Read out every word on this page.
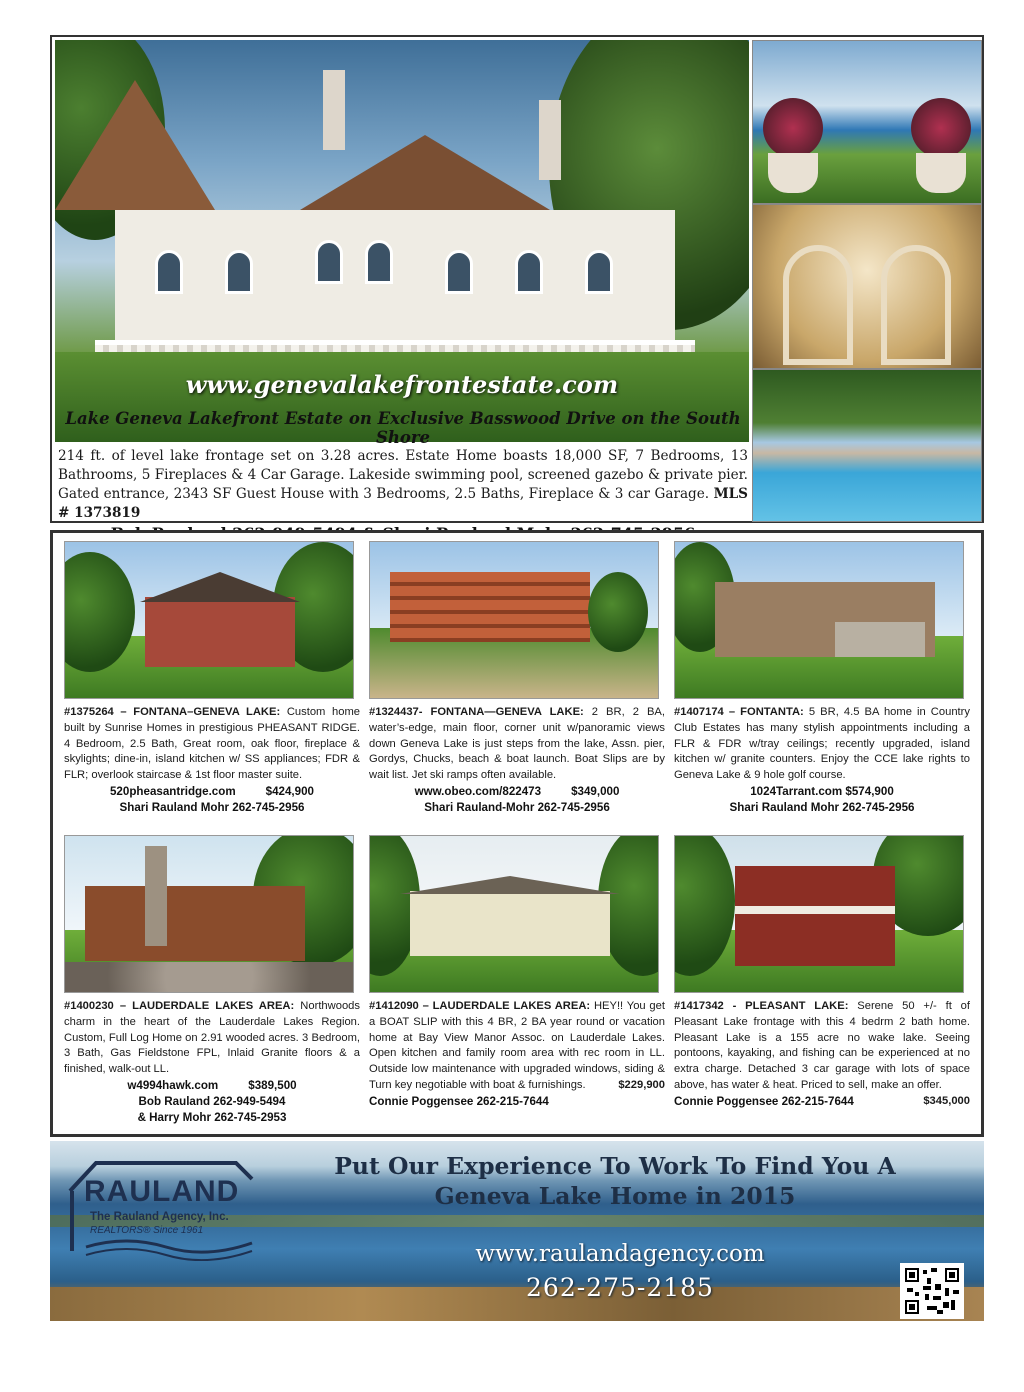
www.genevalakefrontestate.com
Lake Geneva Lakefront Estate on Exclusive Basswood Drive on the South Shore
214 ft. of level lake frontage set on 3.28 acres. Estate Home boasts 18,000 SF, 7 Bedrooms, 13 Bathrooms, 5 Fireplaces & 4 Car Garage. Lakeside swimming pool, screened gazebo & private pier. Gated entrance, 2343 SF Guest House with 3 Bedrooms, 2.5 Baths, Fireplace & 3 car Garage. MLS # 1373819
#1375264 – FONTANA–GENEVA LAKE: Custom home built by Sunrise Homes in prestigious PHEASANT RIDGE. 4 Bedroom, 2.5 Bath, Great room, oak floor, fireplace & skylights; dine-in, island kitchen w/ SS appliances; FDR & FLR; overlook staircase & 1st floor master suite.
520pheasantridge.com	$424,900
Shari Rauland Mohr 262-745-2956
#1324437- FONTANA—GENEVA LAKE: 2 BR, 2 BA, water’s-edge, main floor, corner unit w/panoramic views down Geneva Lake is just steps from the lake, Assn. pier, Gordys, Chucks, beach & boat launch. Boat Slips are by wait list. Jet ski ramps often available.
www.obeo.com/822473	$349,000
Shari Rauland-Mohr 262-745-2956
#1407174 – FONTANTA: 5 BR, 4.5 BA home in Country Club Estates has many stylish appointments including a FLR & FDR w/tray ceilings; recently upgraded, island kitchen w/ granite counters. Enjoy the CCE lake rights to Geneva Lake & 9 hole golf course.
1024Tarrant.com $574,900
Shari Rauland Mohr 262-745-2956
#1400230 – LAUDERDALE LAKES AREA: Northwoods charm in the heart of the Lauderdale Lakes Region. Custom, Full Log Home on 2.91 wooded acres. 3 Bedroom, 3 Bath, Gas Fieldstone FPL, Inlaid Granite floors & a finished, walk-out LL.
w4994hawk.com	$389,500
Bob Rauland 262-949-5494
& Harry Mohr 262-745-2953
#1412090 – LAUDERDALE LAKES AREA: HEY!! You get a BOAT SLIP with this 4 BR, 2 BA year round or vacation home at Bay View Manor Assoc. on Lauderdale Lakes. Open kitchen and family room area with rec room in LL. Outside low maintenance with upgraded windows, siding & Turn key negotiable with boat & furnishings.	$229,900
Connie Poggensee 262-215-7644
#1417342 - PLEASANT LAKE: Serene 50 +/- ft of Pleasant Lake frontage with this 4 bedrm 2 bath home. Pleasant Lake is a 155 acre no wake lake. Seeing pontoons, kayaking, and fishing can be experienced at no extra charge. Detached 3 car garage with lots of space above, has water & heat. Priced to sell, make an offer.
$345,000
Connie Poggensee 262-215-7644
RAULAND
The Rauland Agency, Inc.
REALTORS® Since 1961
Put Our Experience To Work To Find You A
Geneva Lake Home in 2015
www.raulandagency.com
262-275-2185
